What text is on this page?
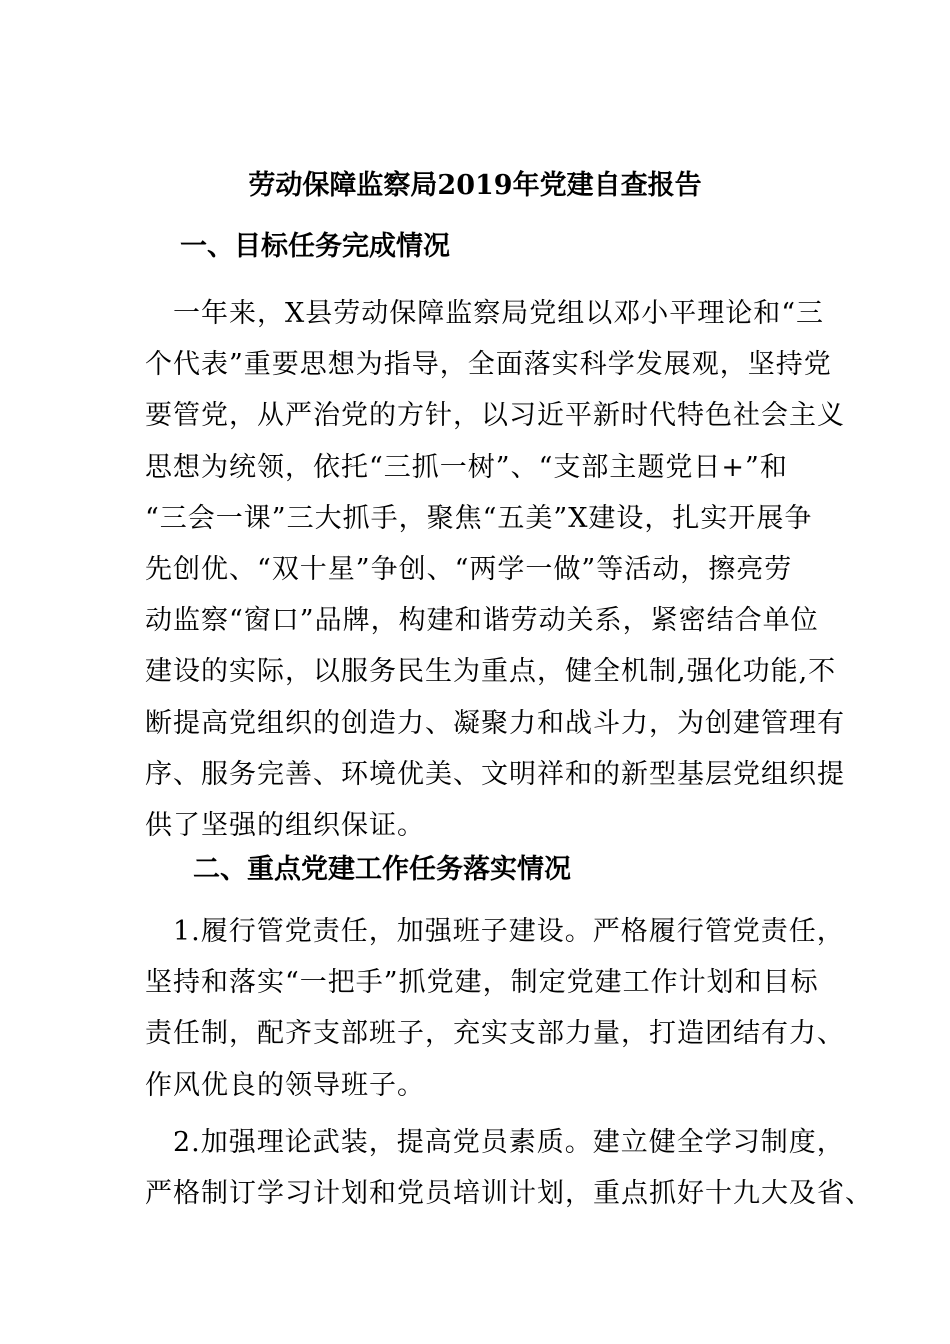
劳动保障监察局2019年党建自查报告
一、目标任务完成情况
　一年来，X县劳动保障监察局党组以邓小平理论和“三
个代表”重要思想为指导，全面落实科学发展观，坚持党
要管党，从严治党的方针，以习近平新时代特色社会主义
思想为统领，依托“三抓一树”、“支部主题党日+”和
“三会一课”三大抓手，聚焦“五美”X建设，扎实开展争
先创优、“双十星”争创、“两学一做”等活动，擦亮劳
动监察“窗口”品牌，构建和谐劳动关系，紧密结合单位
建设的实际，以服务民生为重点，健全机制,强化功能,不
断提高党组织的创造力、凝聚力和战斗力，为创建管理有
序、服务完善、环境优美、文明祥和的新型基层党组织提
供了坚强的组织保证。
二、重点党建工作任务落实情况
　1.履行管党责任，加强班子建设。严格履行管党责任，
坚持和落实“一把手”抓党建，制定党建工作计划和目标
责任制，配齐支部班子，充实支部力量，打造团结有力、
作风优良的领导班子。
　2.加强理论武装，提高党员素质。建立健全学习制度，
严格制订学习计划和党员培训计划，重点抓好十九大及省、
